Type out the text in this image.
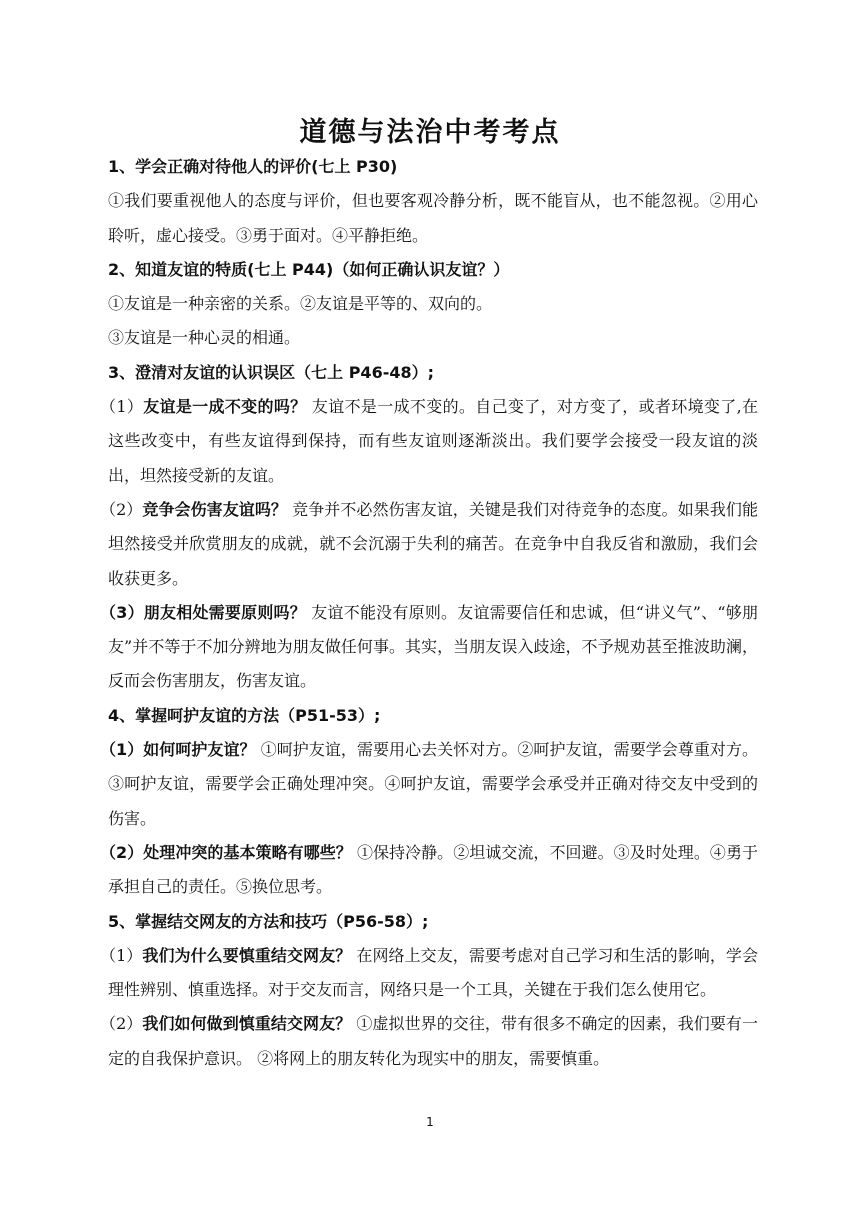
道德与法治中考考点

1、学会正确对待他人的评价(七上 P30)

①我们要重视他人的态度与评价，但也要客观冷静分析，既不能盲从，也不能忽视。②用心聆听，虚心接受。③勇于面对。④平静拒绝。

2、知道友谊的特质(七上 P44)（如何正确认识友谊？）

①友谊是一种亲密的关系。②友谊是平等的、双向的。

③友谊是一种心灵的相通。

3、澄清对友谊的认识误区（七上 P46-48）;

（1）友谊是一成不变的吗？ 友谊不是一成不变的。自己变了，对方变了，或者环境变了,在这些改变中，有些友谊得到保持，而有些友谊则逐渐淡出。我们要学会接受一段友谊的淡出，坦然接受新的友谊。

（2）竞争会伤害友谊吗？ 竞争并不必然伤害友谊，关键是我们对待竞争的态度。如果我们能坦然接受并欣赏朋友的成就，就不会沉溺于失利的痛苦。在竞争中自我反省和激励，我们会收获更多。

（3）朋友相处需要原则吗？ 友谊不能没有原则。友谊需要信任和忠诚，但“讲义气”、“够朋友”并不等于不加分辨地为朋友做任何事。其实，当朋友误入歧途，不予规劝甚至推波助澜，反而会伤害朋友，伤害友谊。

4、掌握呵护友谊的方法（P51-53）;

（1）如何呵护友谊？ ①呵护友谊，需要用心去关怀对方。②呵护友谊，需要学会尊重对方。③呵护友谊，需要学会正确处理冲突。④呵护友谊，需要学会承受并正确对待交友中受到的伤害。

（2）处理冲突的基本策略有哪些？ ①保持冷静。②坦诚交流，不回避。③及时处理。④勇于承担自己的责任。⑤换位思考。

5、掌握结交网友的方法和技巧（P56-58）;

（1）我们为什么要慎重结交网友？ 在网络上交友，需要考虑对自己学习和生活的影响，学会理性辨别、慎重选择。对于交友而言，网络只是一个工具，关键在于我们怎么使用它。

（2）我们如何做到慎重结交网友？ ①虚拟世界的交往，带有很多不确定的因素，我们要有一定的自我保护意识。 ②将网上的朋友转化为现实中的朋友，需要慎重。

1
